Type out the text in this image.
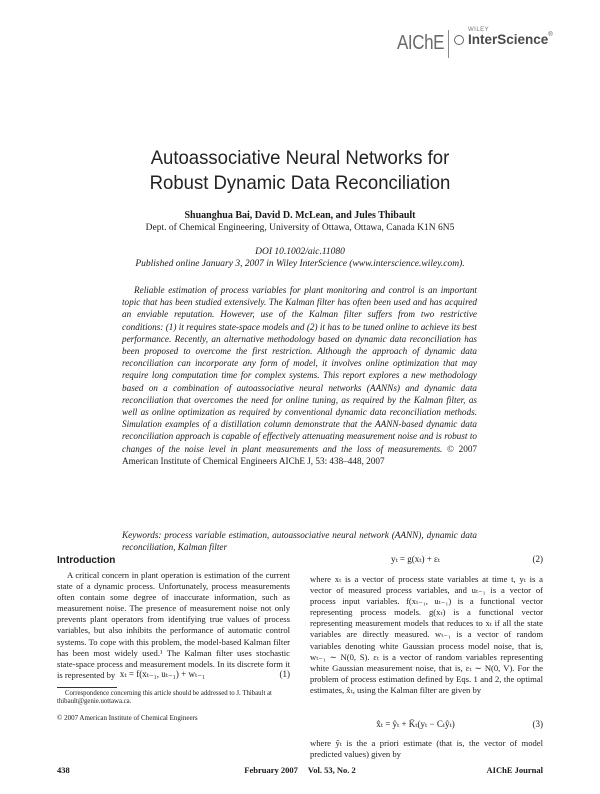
AIChE
WILEY
InterScience®
Autoassociative Neural Networks for
Robust Dynamic Data Reconciliation
Shuanghua Bai, David D. McLean, and Jules Thibault
Dept. of Chemical Engineering, University of Ottawa, Ottawa, Canada K1N 6N5
DOI 10.1002/aic.11080
Published online January 3, 2007 in Wiley InterScience (www.interscience.wiley.com).
Reliable estimation of process variables for plant monitoring and control is an important topic that has been studied extensively. The Kalman filter has often been used and has acquired an enviable reputation. However, use of the Kalman filter suffers from two restrictive conditions: (1) it requires state-space models and (2) it has to be tuned online to achieve its best performance. Recently, an alternative methodology based on dynamic data reconciliation has been proposed to overcome the first restriction. Although the approach of dynamic data reconciliation can incorporate any form of model, it involves online optimization that may require long computation time for complex systems. This report explores a new methodology based on a combination of autoassociative neural networks (AANNs) and dynamic data reconciliation that overcomes the need for online tuning, as required by the Kalman filter, as well as online optimization as required by conventional dynamic data reconciliation methods. Simulation examples of a distillation column demonstrate that the AANN-based dynamic data reconciliation approach is capable of effectively attenuating measurement noise and is robust to changes of the noise level in plant measurements and the loss of measurements. © 2007 American Institute of Chemical Engineers AIChE J, 53: 438–448, 2007
Keywords: process variable estimation, autoassociative neural network (AANN), dynamic data reconciliation, Kalman filter
Introduction
A critical concern in plant operation is estimation of the current state of a dynamic process. Unfortunately, process measurements often contain some degree of inaccurate information, such as measurement noise. The presence of measurement noise not only prevents plant operators from identifying true values of process variables, but also inhibits the performance of automatic control systems. To cope with this problem, the model-based Kalman filter has been most widely used.¹ The Kalman filter uses stochastic state-space process and measurement models. In its discrete form it is represented by xₜ = f(xₜ₋₁, uₜ₋₁) + wₜ₋₁	(1)
Correspondence concerning this article should be addressed to J. Thibault at thibault@genie.uottawa.ca.
© 2007 American Institute of Chemical Engineers
yₜ = g(xₜ) + εₜ	(2)
where xₜ is a vector of process state variables at time t, yₜ is a vector of measured process variables, and uₜ₋₁ is a vector of process input variables. f(xₜ₋₁, uₜ₋₁) is a functional vector representing process models. g(xₜ) is a functional vector representing measurement models that reduces to xₜ if all the state variables are directly measured. wₜ₋₁ is a vector of random variables denoting white Gaussian process model noise, that is, wₜ₋₁ ∼ N(0, S). εₜ is a vector of random variables representing white Gaussian measurement noise, that is, εₜ ∼ N(0, V). For the problem of process estimation defined by Eqs. 1 and 2, the optimal estimates, x̂ₜ, using the Kalman filter are given by
x̂ₜ = ŷₜ + K̄ₜ(yₜ − Cₜŷₜ)	(3)
where ŷₜ is the a priori estimate (that is, the vector of model predicted values) given by
438	February 2007 Vol. 53, No. 2	AIChE Journal
